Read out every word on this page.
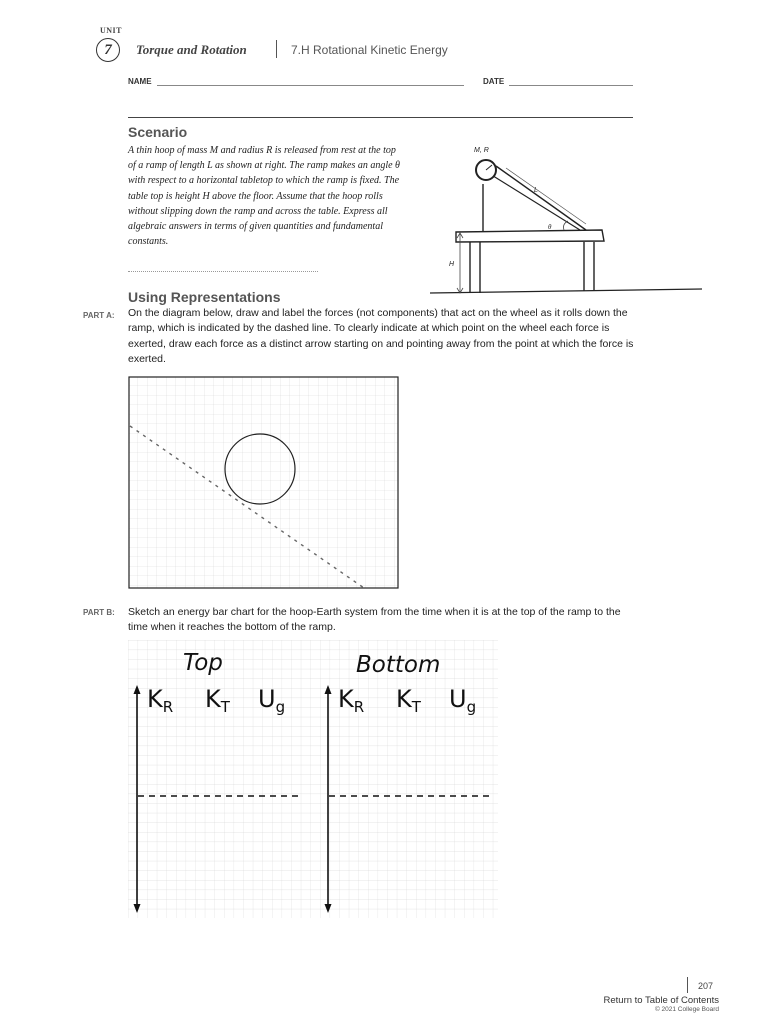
UNIT
7	Torque and Rotation	7.H Rotational Kinetic Energy
NAME	DATE
Scenario
A thin hoop of mass M and radius R is released from rest at the top of a ramp of length L as shown at right. The ramp makes an angle θ with respect to a horizontal tabletop to which the ramp is fixed. The table top is height H above the floor. Assume that the hoop rolls without slipping down the ramp and across the table. Express all algebraic answers in terms of given quantities and fundamental constants.
M, R
L
θ
H
Using Representations
PART A: On the diagram below, draw and label the forces (not components) that act on the wheel as it rolls down the ramp, which is indicated by the dashed line. To clearly indicate at which point on the wheel each force is exerted, draw each force as a distinct arrow starting on and pointing away from the point at which the force is exerted.
PART B: Sketch an energy bar chart for the hoop-Earth system from the time when it is at the top of the ramp to the time when it reaches the bottom of the ramp.
Top	Bottom
$K_R$ $K_T$ $U_g$ $K_R$ $K_T$ $U_g$
207
Return to Table of Contents
© 2021 College Board
